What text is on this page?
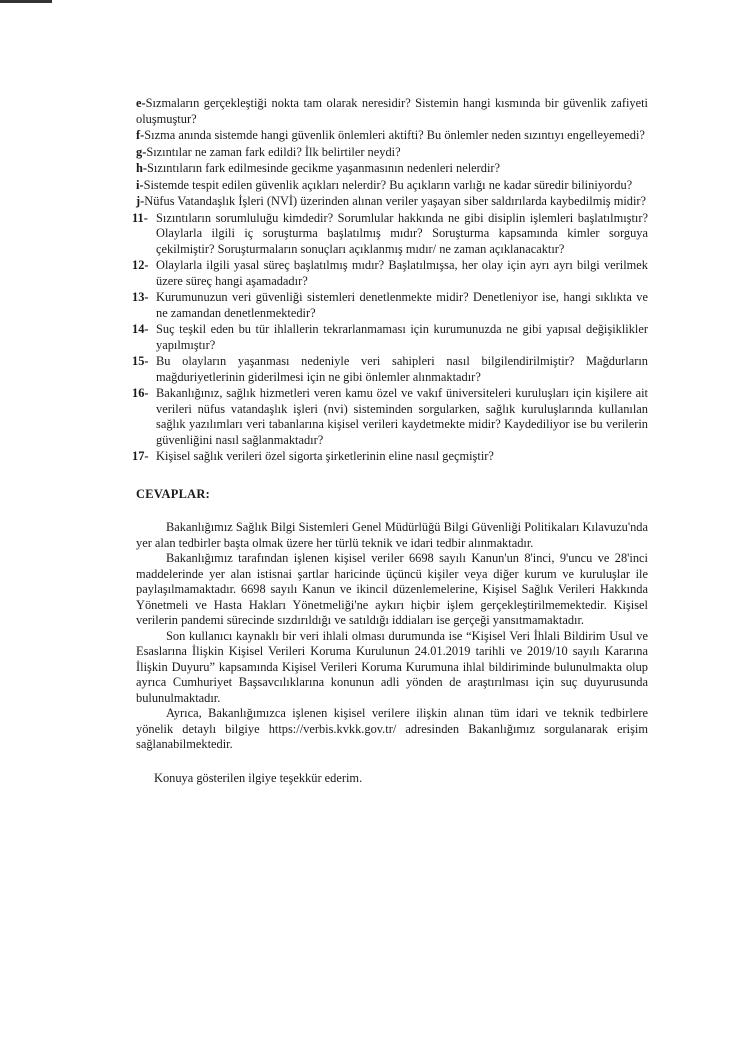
e-Sızmaların gerçekleştiği nokta tam olarak neresidir? Sistemin hangi kısmında bir güvenlik zafiyeti oluşmuştur?

f-Sızma anında sistemde hangi güvenlik önlemleri aktifti? Bu önlemler neden sızıntıyı engelleyemedi?

g-Sızıntılar ne zaman fark edildi? İlk belirtiler neydi?

h-Sızıntıların fark edilmesinde gecikme yaşanmasının nedenleri nelerdir?

i-Sistemde tespit edilen güvenlik açıkları nelerdir? Bu açıkların varlığı ne kadar süredir biliniyordu?

j-Nüfus Vatandaşlık İşleri (NVİ) üzerinden alınan veriler yaşayan siber saldırılarda kaybedilmiş midir?

11- Sızıntıların sorumluluğu kimdedir? Sorumlular hakkında ne gibi disiplin işlemleri başlatılmıştır? Olaylarla ilgili iç soruşturma başlatılmış mıdır? Soruşturma kapsamında kimler sorguya çekilmiştir? Soruşturmaların sonuçları açıklanmış mıdır/ ne zaman açıklanacaktır?
12- Olaylarla ilgili yasal süreç başlatılmış mıdır? Başlatılmışsa, her olay için ayrı ayrı bilgi verilmek üzere süreç hangi aşamadadır?
13- Kurumunuzun veri güvenliği sistemleri denetlenmekte midir? Denetleniyor ise, hangi sıklıkta ve ne zamandan denetlenmektedir?
14- Suç teşkil eden bu tür ihlallerin tekrarlanmaması için kurumunuzda ne gibi yapısal değişiklikler yapılmıştır?
15- Bu olayların yaşanması nedeniyle veri sahipleri nasıl bilgilendirilmiştir? Mağdurların mağduriyetlerinin giderilmesi için ne gibi önlemler alınmaktadır?
16- Bakanlığınız, sağlık hizmetleri veren kamu özel ve vakıf üniversiteleri kuruluşları için kişilere ait verileri nüfus vatandaşlık işleri (nvi) sisteminden sorgularken, sağlık kuruluşlarında kullanılan sağlık yazılımları veri tabanlarına kişisel verileri kaydetmekte midir? Kaydediliyor ise bu verilerin güvenliğini nasıl sağlanmaktadır?
17- Kişisel sağlık verileri özel sigorta şirketlerinin eline nasıl geçmiştir?
CEVAPLAR:

Bakanlığımız Sağlık Bilgi Sistemleri Genel Müdürlüğü Bilgi Güvenliği Politikaları Kılavuzu'nda yer alan tedbirler başta olmak üzere her türlü teknik ve idari tedbir alınmaktadır.

Bakanlığımız tarafından işlenen kişisel veriler 6698 sayılı Kanun'un 8'inci, 9'uncu ve 28'inci maddelerinde yer alan istisnai şartlar haricinde üçüncü kişiler veya diğer kurum ve kuruluşlar ile paylaşılmamaktadır. 6698 sayılı Kanun ve ikincil düzenlemelerine, Kişisel Sağlık Verileri Hakkında Yönetmeli ve Hasta Hakları Yönetmeliği'ne aykırı hiçbir işlem gerçekleştirilmemektedir. Kişisel verilerin pandemi sürecinde sızdırıldığı ve satıldığı iddiaları ise gerçeği yansıtmamaktadır.

Son kullanıcı kaynaklı bir veri ihlali olması durumunda ise “Kişisel Veri İhlali Bildirim Usul ve Esaslarına İlişkin Kişisel Verileri Koruma Kurulunun 24.01.2019 tarihli ve 2019/10 sayılı Kararına İlişkin Duyuru” kapsamında Kişisel Verileri Koruma Kurumuna ihlal bildiriminde bulunulmakta olup ayrıca Cumhuriyet Başsavcılıklarına konunun adli yönden de araştırılması için suç duyurusunda bulunulmaktadır.

Ayrıca, Bakanlığımızca işlenen kişisel verilere ilişkin alınan tüm idari ve teknik tedbirlere yönelik detaylı bilgiye https://verbis.kvkk.gov.tr/ adresinden Bakanlığımız sorgulanarak erişim sağlanabilmektedir.

Konuya gösterilen ilgiye teşekkür ederim.
